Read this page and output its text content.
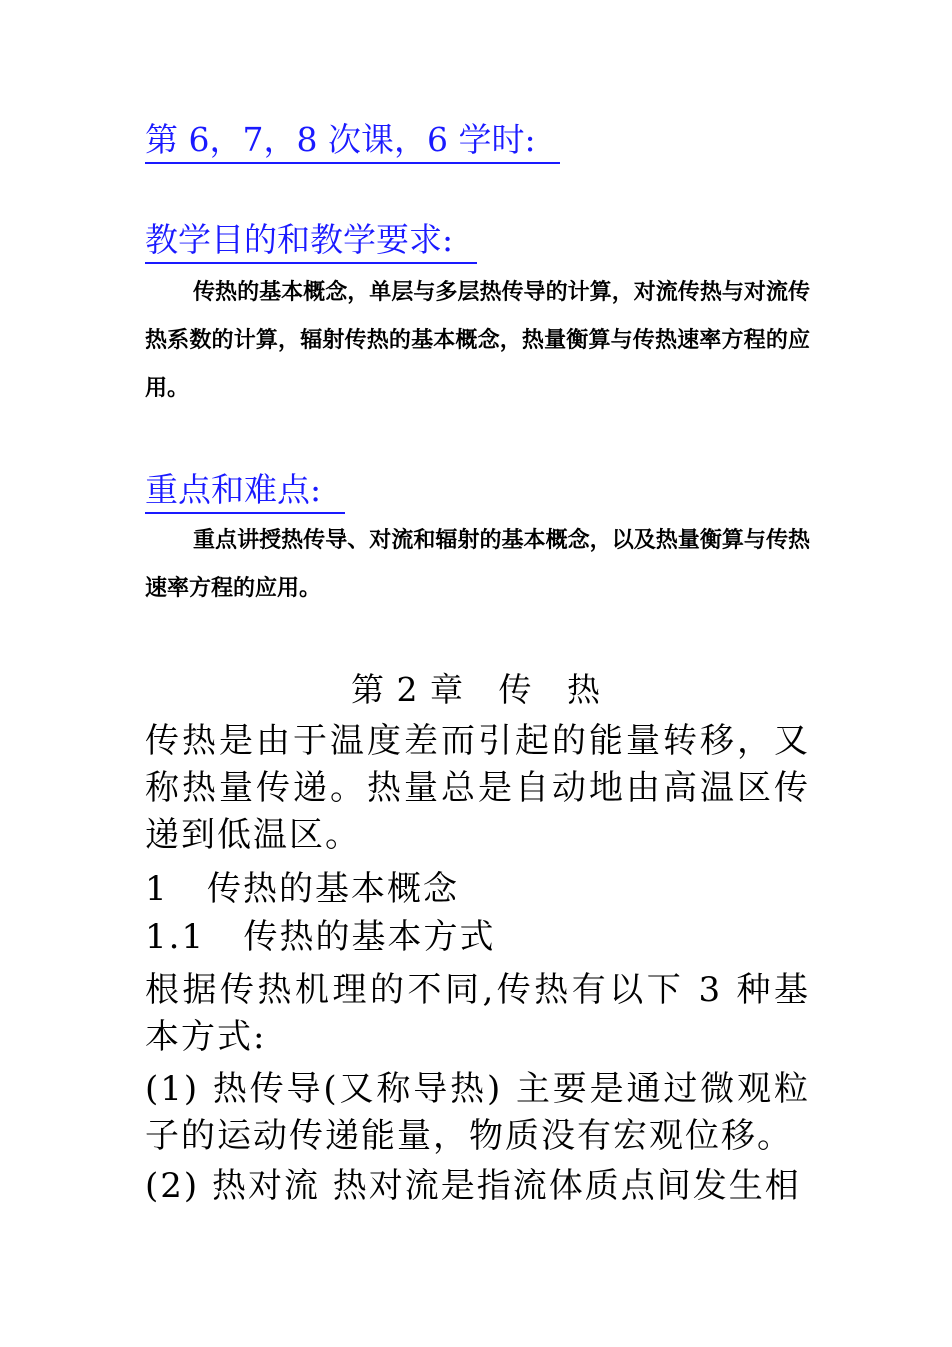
第 6，7，8 次课，6 学时:
教学目的和教学要求:
传热的基本概念，单层与多层热传导的计算，对流传热与对流传热系数的计算，辐射传热的基本概念，热量衡算与传热速率方程的应用。
重点和难点:
重点讲授热传导、对流和辐射的基本概念，以及热量衡算与传热速率方程的应用。
第 2 章   传   热
传热是由于温度差而引起的能量转移，又称热量传递。热量总是自动地由高温区传递到低温区。
1   传热的基本概念
1.1   传热的基本方式
根据传热机理的不同,传热有以下 3 种基本方式:
(1) 热传导(又称导热) 主要是通过微观粒子的运动传递能量，物质没有宏观位移。
(2) 热对流 热对流是指流体质点间发生相
